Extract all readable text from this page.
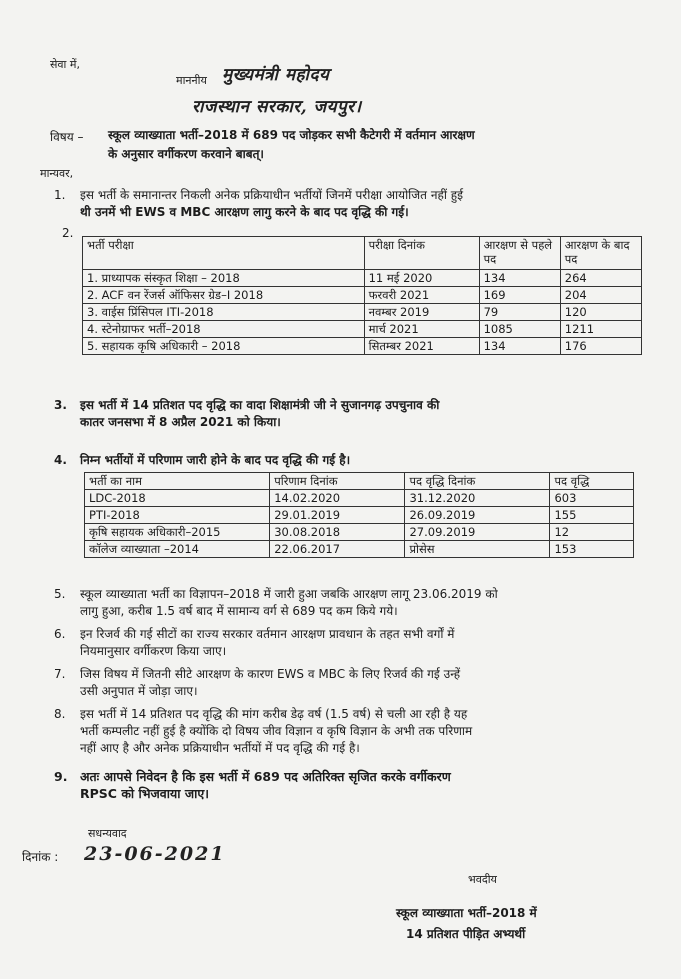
सेवा में,
माननीय मुख्यमंत्री महोदय
राजस्थान सरकार, जयपुर।
विषय – स्कूल व्याख्याता भर्ती–2018 में 689 पद जोड़कर सभी कैटेगरी में वर्तमान आरक्षण
के अनुसार वर्गीकरण करवाने बाबत्।
मान्यवर,
1. इस भर्ती के समानान्तर निकली अनेक प्रक्रियाधीन भर्तीयों जिनमें परीक्षा आयोजित नहीं हुई
थी उनमें भी EWS व MBC आरक्षण लागु करने के बाद पद वृद्धि की गई।
2.
भर्ती परीक्षा	परीक्षा दिनांक	आरक्षण से पहले पद	आरक्षण के बाद पद
1. प्राध्यापक संस्कृत शिक्षा – 2018	11 मई 2020	134	264
2. ACF वन रेंजर्स ऑफिसर ग्रेड–I 2018	फरवरी 2021	169	204
3. वाईस प्रिंसिपल ITI-2018	नवम्बर 2019	79	120
4. स्टेनोग्राफर भर्ती–2018	मार्च 2021	1085	1211
5. सहायक कृषि अधिकारी – 2018	सितम्बर 2021	134	176
3. इस भर्ती में 14 प्रतिशत पद वृद्धि का वादा शिक्षामंत्री जी ने सुजानगढ़ उपचुनाव की
कातर जनसभा में 8 अप्रैल 2021 को किया।
4. निम्न भर्तीयों में परिणाम जारी होने के बाद पद वृद्धि की गई है।
भर्ती का नाम	परिणाम दिनांक	पद वृद्धि दिनांक	पद वृद्धि
LDC-2018	14.02.2020	31.12.2020	603
PTI-2018	29.01.2019	26.09.2019	155
कृषि सहायक अधिकारी–2015	30.08.2018	27.09.2019	12
कॉलेज व्याख्याता –2014	22.06.2017	प्रोसेस	153
5. स्कूल व्याख्याता भर्ती का विज्ञापन–2018 में जारी हुआ जबकि आरक्षण लागू 23.06.2019 को
लागु हुआ, करीब 1.5 वर्ष बाद में सामान्य वर्ग से 689 पद कम किये गये।
6. इन रिजर्व की गई सीटों का राज्य सरकार वर्तमान आरक्षण प्रावधान के तहत सभी वर्गों में
नियमानुसार वर्गीकरण किया जाए।
7. जिस विषय में जितनी सीटे आरक्षण के कारण EWS व MBC के लिए रिजर्व की गई उन्हें
उसी अनुपात में जोड़ा जाए।
8. इस भर्ती में 14 प्रतिशत पद वृद्धि की मांग करीब डेढ़ वर्ष (1.5 वर्ष) से चली आ रही है यह
भर्ती कम्पलीट नहीं हुई है क्योंकि दो विषय जीव विज्ञान व कृषि विज्ञान के अभी तक परिणाम
नहीं आए है और अनेक प्रक्रियाधीन भर्तीयों में पद वृद्धि की गई है।
9. अतः आपसे निवेदन है कि इस भर्ती में 689 पद अतिरिक्त सृजित करके वर्गीकरण
RPSC को भिजवाया जाए।
सधन्यवाद
दिनांक : 23-06-2021
भवदीय
स्कूल व्याख्याता भर्ती–2018 में
14 प्रतिशत पीड़ित अभ्यर्थी
